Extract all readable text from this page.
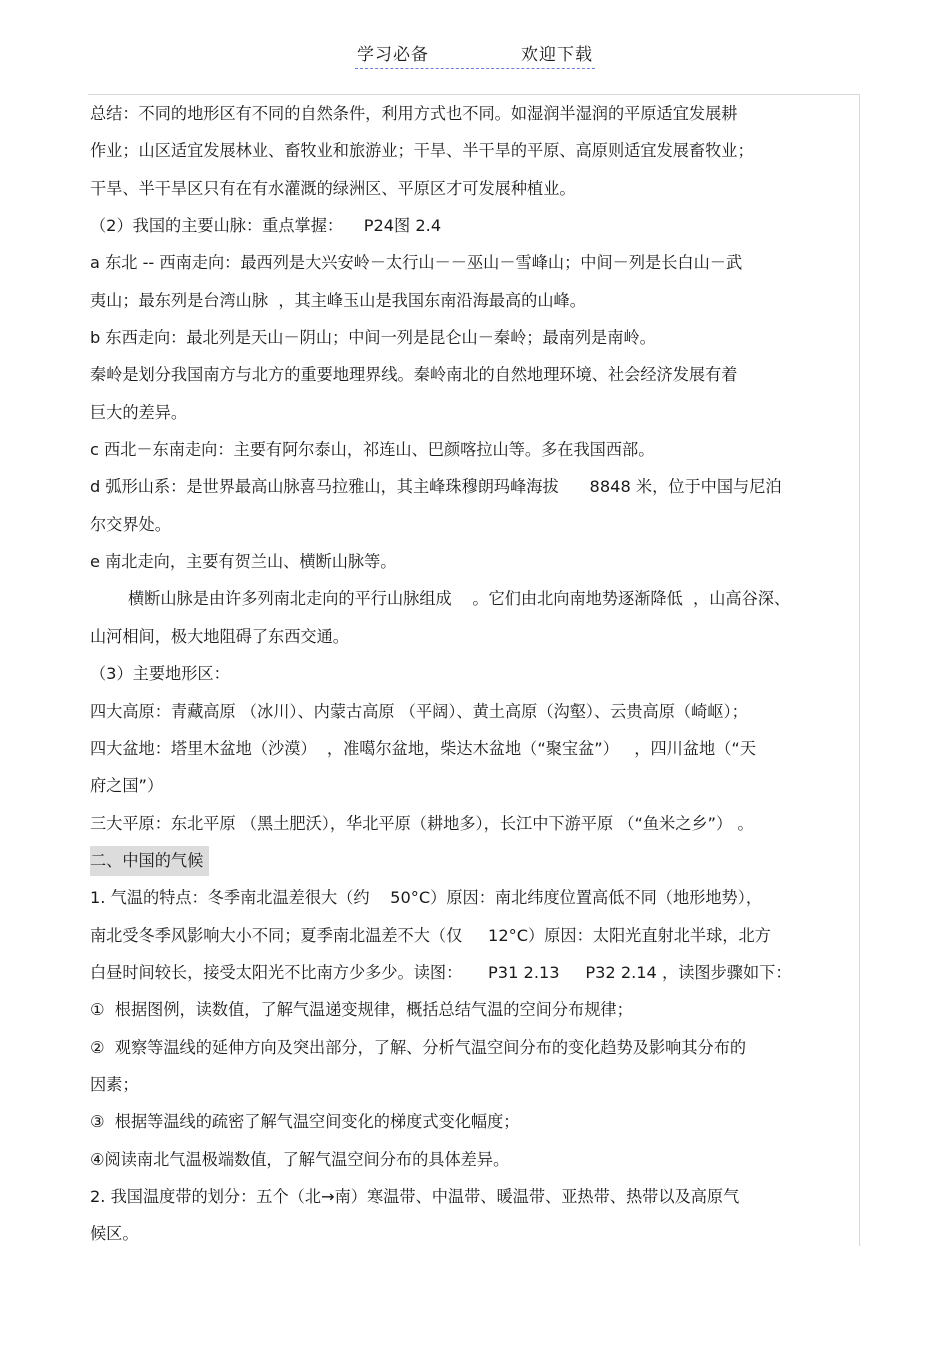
学习必备	欢迎下载
总结：不同的地形区有不同的自然条件，利用方式也不同。如湿润半湿润的平原适宜发展耕
作业；山区适宜发展林业、畜牧业和旅游业；干旱、半干旱的平原、高原则适宜发展畜牧业；
干旱、半干旱区只有在有水灌溉的绿洲区、平原区才可发展种植业。
（2）我国的主要山脉：重点掌握：    P24图 2.4
a 东北 -- 西南走向：最西列是大兴安岭－太行山－－巫山－雪峰山；中间－列是长白山－武
夷山；最东列是台湾山脉  ，其主峰玉山是我国东南沿海最高的山峰。
b 东西走向：最北列是天山－阴山；中间一列是昆仑山－秦岭；最南列是南岭。
秦岭是划分我国南方与北方的重要地理界线。秦岭南北的自然地理环境、社会经济发展有着
巨大的差异。
c 西北－东南走向：主要有阿尔泰山，祁连山、巴颜喀拉山等。多在我国西部。
d 弧形山系：是世界最高山脉喜马拉雅山，其主峰珠穆朗玛峰海拔      8848 米，位于中国与尼泊
尔交界处。
e 南北走向，主要有贺兰山、横断山脉等。
横断山脉是由许多列南北走向的平行山脉组成    。它们由北向南地势逐渐降低  ，山高谷深、
山河相间，极大地阻碍了东西交通。
（3）主要地形区：
四大高原：青藏高原 （冰川）、内蒙古高原 （平阔）、黄土高原（沟壑）、云贵高原（崎岖）；
四大盆地：塔里木盆地（沙漠）  ，准噶尔盆地，柴达木盆地（“聚宝盆”）   ，四川盆地（“天
府之国”）
三大平原：东北平原 （黑土肥沃），华北平原（耕地多），长江中下游平原 （“鱼米之乡”） 。
二、中国的气候
1. 气温的特点：冬季南北温差很大（约    50°C）原因：南北纬度位置高低不同（地形地势），
南北受冬季风影响大小不同；夏季南北温差不大（仅     12°C）原因：太阳光直射北半球，北方
白昼时间较长，接受太阳光不比南方少多少。读图：     P31 2.13     P32 2.14 ，读图步骤如下：
①  根据图例，读数值，了解气温递变规律，概括总结气温的空间分布规律；
②  观察等温线的延伸方向及突出部分，了解、分析气温空间分布的变化趋势及影响其分布的
因素；
③  根据等温线的疏密了解气温空间变化的梯度式变化幅度；
④阅读南北气温极端数值，了解气温空间分布的具体差异。
2. 我国温度带的划分：五个（北→南）寒温带、中温带、暖温带、亚热带、热带以及高原气
候区。
